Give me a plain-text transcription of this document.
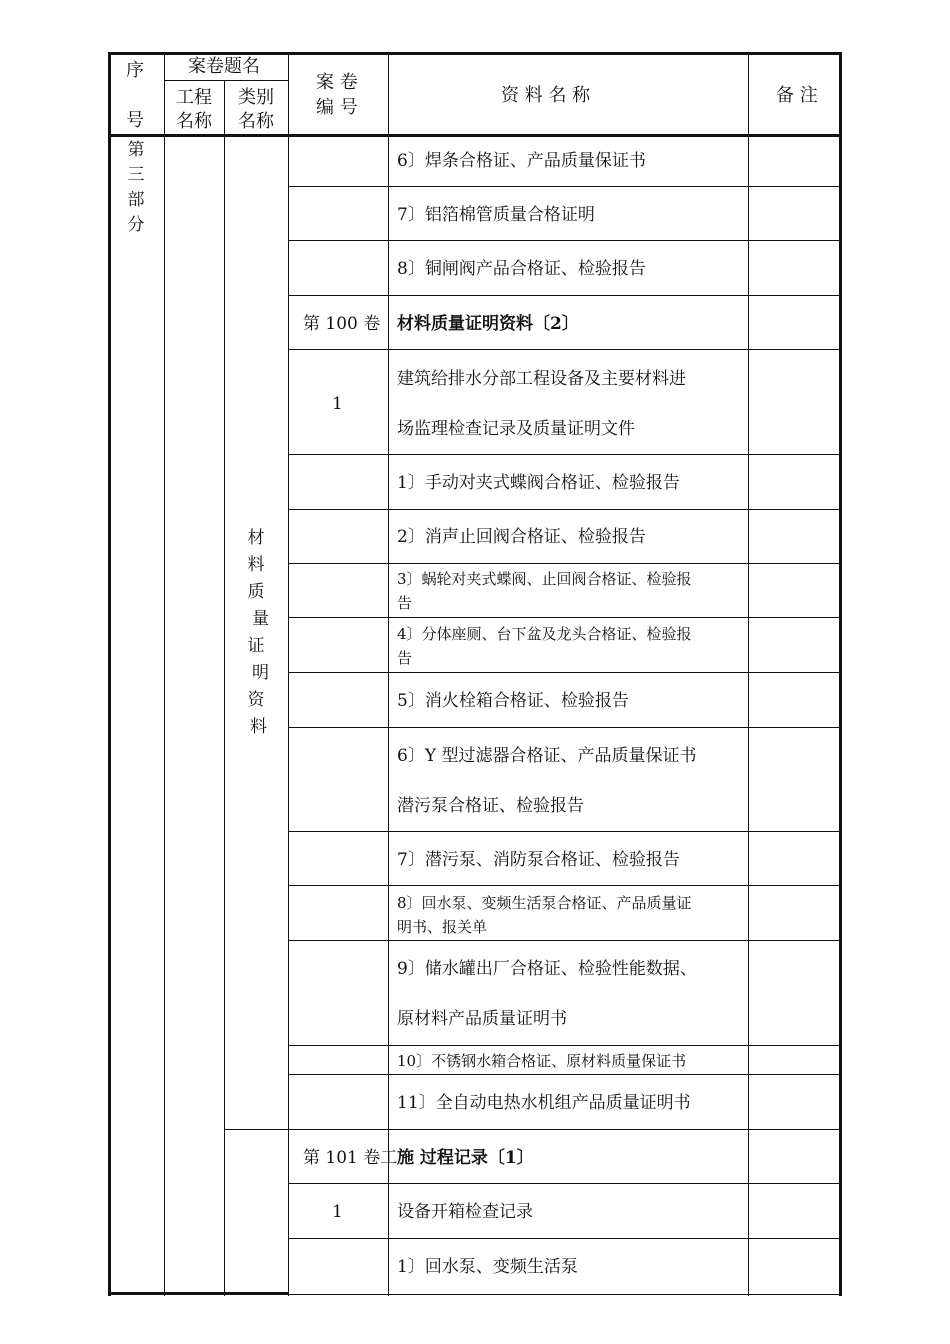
序
号
案卷题名
工程
名称
类别
名称
案 卷
编 号
资 料 名 称	备 注
第
三
部
分
材
料
质
量
证
明
资
料
6〕焊条合格证、产品质量保证书
7〕铝箔棉管质量合格证明
8〕铜闸阀产品合格证、检验报告
第 100 卷 材料质量证明资料〔2〕
1
建筑给排水分部工程设备及主要材料进
场监理检查记录及质量证明文件
1〕手动对夹式蝶阀合格证、检验报告
2〕消声止回阀合格证、检验报告
3〕蜗轮对夹式蝶阀、止回阀合格证、检验报
告
4〕分体座厕、台下盆及龙头合格证、检验报
告
5〕消火栓箱合格证、检验报告
6〕Y 型过滤器合格证、产品质量保证书
潜污泵合格证、检验报告
7〕潜污泵、消防泵合格证、检验报告
8〕回水泵、变频生活泵合格证、产品质量证
明书、报关单
9〕储水罐出厂合格证、检验性能数据、
原材料产品质量证明书
10〕不锈钢水箱合格证、原材料质量保证书
11〕全自动电热水机组产品质量证明书
第 101 卷工 施 过程记录〔1〕
1	设备开箱检查记录
1〕回水泵、变频生活泵
